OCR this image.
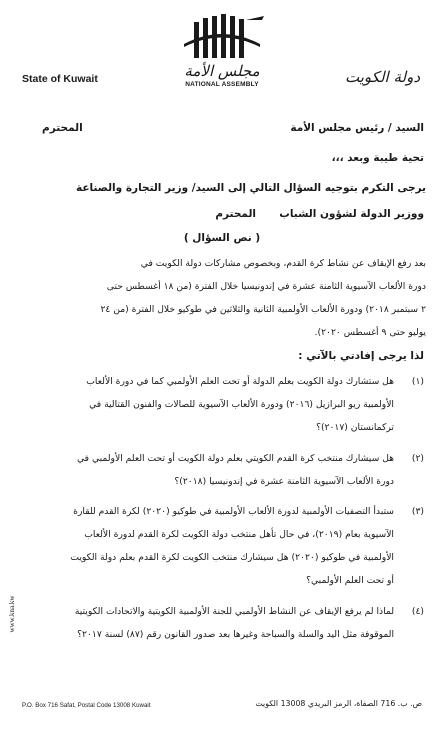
مجلس الأمة
NATIONAL ASSEMBLY
State of Kuwait	دولة الكويت
السيد / رئيس مجلس الأمة
المحترم
تحية طيبة وبعد ،،،
يرجى التكرم بتوجيه السؤال التالي إلى السيد/ وزير التجارة والصناعة
ووزير الدولة لشؤون الشباب
المحترم
( نص السؤال )
بعد رفع الإيقاف عن نشاط كرة القدم، وبخصوص مشاركات دولة الكويت في
دورة الألعاب الآسيوية الثامنة عشرة في إندونيسيا خلال الفترة (من ١٨ أغسطس حتى
٢ سبتمبر ٢٠١٨) ودورة الألعاب الأولمبية الثانية والثلاثين في طوكيو خلال الفترة (من ٢٤
يوليو حتى ٩ أغسطس ٢٠٢٠).
لذا يرجى إفادتي بالآتي :
(١)
هل ستشارك دولة الكويت بعلم الدولة أو تحت العلم الأولمبي كما في دورة الألعاب
الأولمبية ريو البرازيل (٢٠١٦) ودورة الألعاب الآسيوية للصالات والفنون القتالية في
تركمانستان (٢٠١٧)؟
(٢)
هل سيشارك منتخب كرة القدم الكويتي بعلم دولة الكويت أو تحت العلم الأولمبي في
دورة الألعاب الآسيوية الثامنة عشرة في إندونيسيا (٢٠١٨)؟
(٣)
ستبدأ التصفيات الأولمبية لدورة الألعاب الأولمبية في طوكيو (٢٠٢٠) لكرة القدم للقارة
الآسيوية بعام (٢٠١٩)، في حال تأهل منتخب دولة الكويت لكرة القدم لدورة الألعاب
الأولمبية في طوكيو (٢٠٢٠) هل سيشارك منتخب الكويت لكرة القدم بعلم دولة الكويت
أو تحت العلم الأولمبي؟
(٤)
لماذا لم يرفع الإيقاف عن النشاط الأولمبي للجنة الأولمبية الكويتية والاتحادات الكويتية
الموقوفة مثل اليد والسلة والسباحة وغيرها بعد صدور القانون رقم (٨٧) لسنة ٢٠١٧؟
www.kna.kw
P.O. Box 716 Safat, Postal Code 13008 Kuwait	ص. ب. 716 الصفاة، الرمز البريدي 13008 الكويت
